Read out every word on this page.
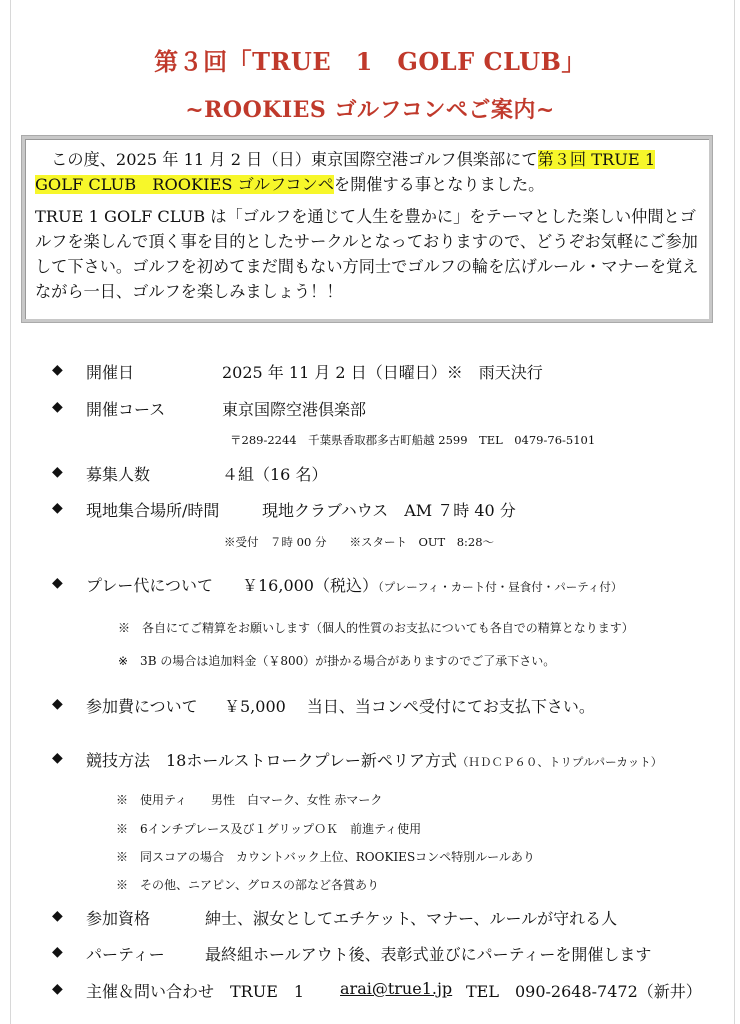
第３回「TRUE　1　GOLF CLUB」
~ROOKIES ゴルフコンペご案内~

　この度、2025 年 11 月 2 日（日）東京国際空港ゴルフ倶楽部にて第３回 TRUE 1 GOLF CLUB　ROOKIES ゴルフコンペを開催する事となりました。

TRUE 1 GOLF CLUB は「ゴルフを通じて人生を豊かに」をテーマとした楽しい仲間とゴルフを楽しんで頂く事を目的としたサークルとなっておりますので、どうぞお気軽にご参加して下さい。ゴルフを初めてまだ間もない方同士でゴルフの輪を広げルール・マナーを覚えながら一日、ゴルフを楽しみましょう！！

◆ 開催日	2025 年 11 月 2 日（日曜日）※　雨天決行
◆ 開催コース	東京国際空港倶楽部
〒289-2244　千葉県香取郡多古町船越 2599　TEL　0479-76-5101
◆ 募集人数	４組（16 名）
◆ 現地集合場所/時間	現地クラブハウス　AM ７時 40 分
※受付　７時 00 分　　※スタート　OUT　8:28～
◆ プレー代について ￥16,000（税込）（プレーフィ・カート付・昼食付・パーティ付）
※　各自にてご精算をお願いします（個人的性質のお支払についても各自での精算となります）
※　3B の場合は追加料金（￥800）が掛かる場合がありますのでご了承下さい。
◆ 参加費について ￥5,000　 当日、当コンペ受付にてお支払下さい。
◆ 競技方法　18ホールストロークプレー新ペリア方式（ＨＤＣＰ６０、トリプルパーカット）
※　使用ティ　　男性　白マーク、女性 赤マーク
※　6インチプレース及び１グリップＯＫ　前進ティ使用
※　同スコアの場合　カウントバック上位、ROOKIESコンペ特別ルールあり
※　その他、ニアピン、グロスの部など各賞あり
◆ 参加資格	紳士、淑女としてエチケット、マナー、ルールが守れる人
◆ パーティー	最終組ホールアウト後、表彰式並びにパーティーを開催します
◆ 主催＆問い合わせ　TRUE　1 arai@true1.jp TEL　090-2648-7472（新井）
